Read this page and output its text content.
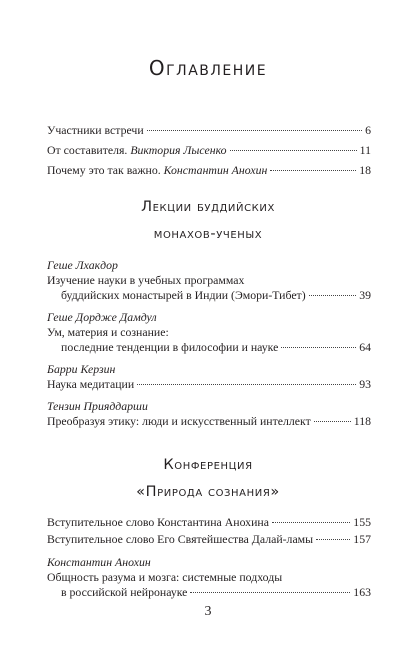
Оглавление
Участники встречи	6
От составителя. Виктория Лысенко	11
Почему это так важно. Константин Анохин	18
Лекции буддийских
монахов-ученых
Геше Лхакдор
Изучение науки в учебных программах
буддийских монастырей в Индии (Эмори-Тибет)	39
Геше Дордже Дамдул
Ум, материя и сознание:
последние тенденции в философии и науке	64
Барри Керзин
Наука медитации	93
Тензин Прияддарши
Преобразуя этику: люди и искусственный интеллект	118
Конференция
«Природа сознания»
Вступительное слово Константина Анохина	155
Вступительное слово Его Святейшества Далай-ламы	157
Константин Анохин
Общность разума и мозга: системные подходы
в российской нейронауке	163
3
